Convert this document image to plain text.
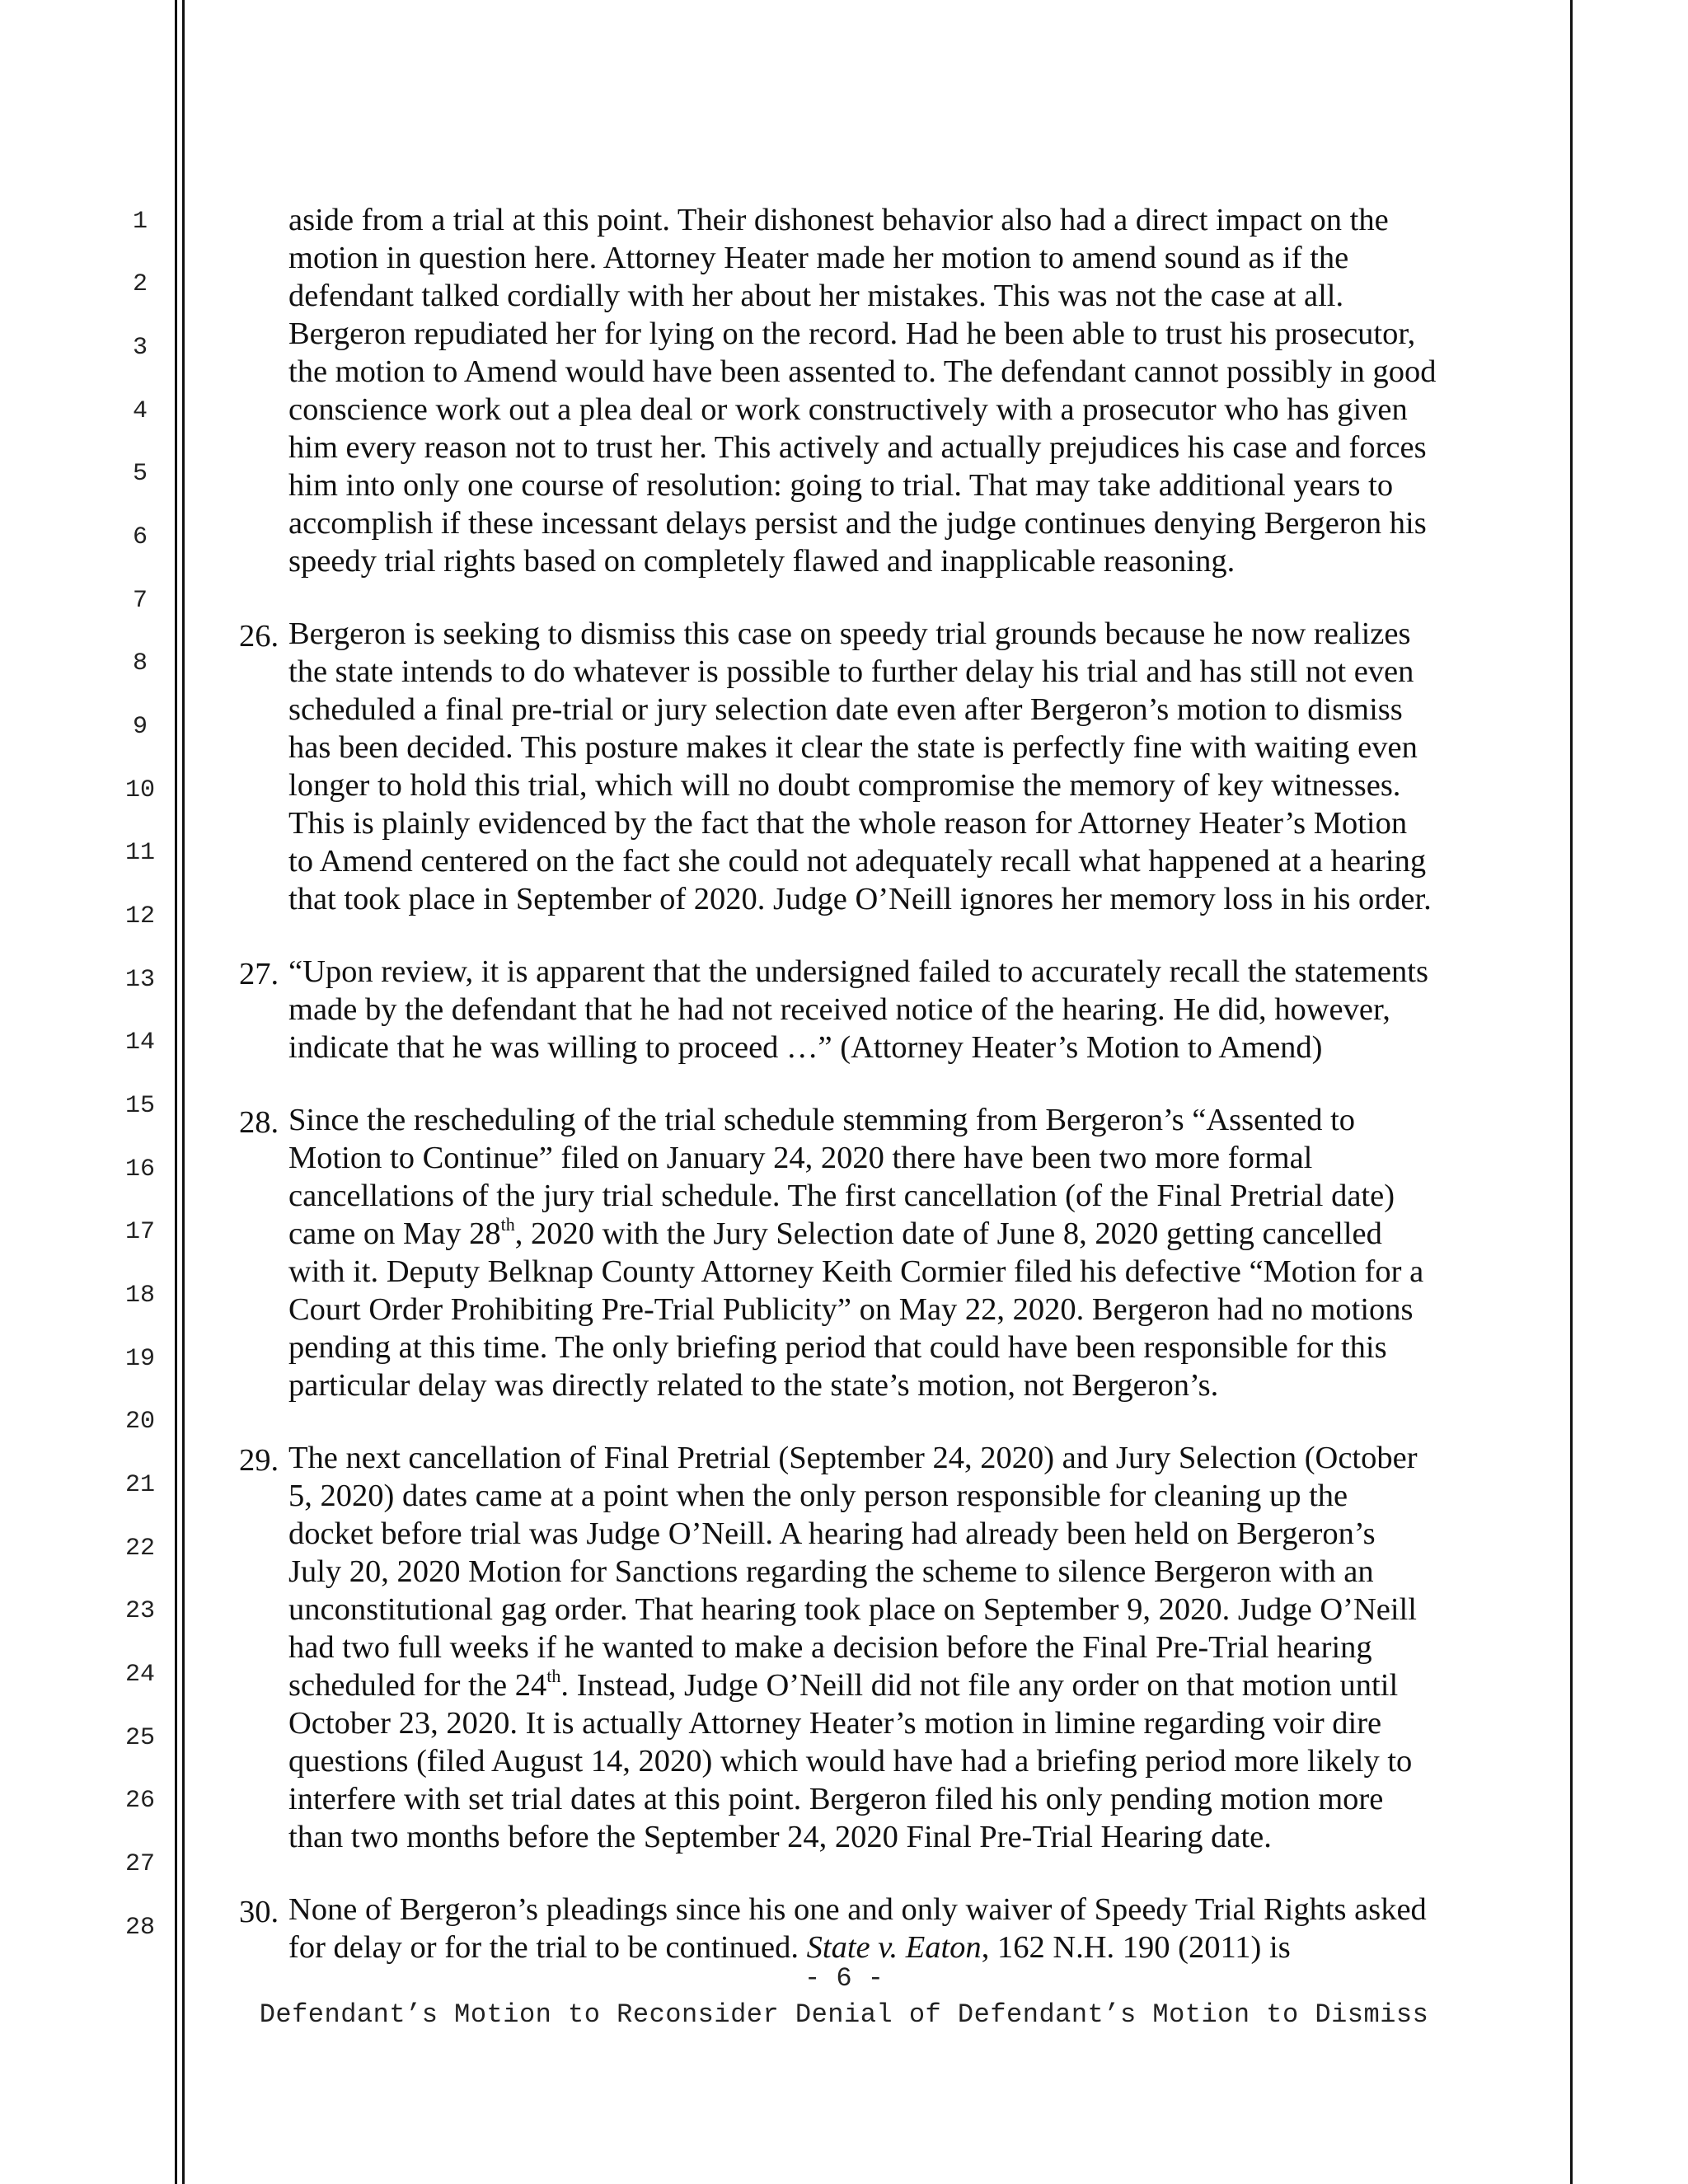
1
2
3
4
5
6
7
8
9
10
11
12
13
14
15
16
17
18
19
20
21
22
23
24
25
26
27
28
aside from a trial at this point. Their dishonest behavior also had a direct impact on the
motion in question here. Attorney Heater made her motion to amend sound as if the
defendant talked cordially with her about her mistakes. This was not the case at all.
Bergeron repudiated her for lying on the record. Had he been able to trust his prosecutor,
the motion to Amend would have been assented to. The defendant cannot possibly in good
conscience work out a plea deal or work constructively with a prosecutor who has given
him every reason not to trust her. This actively and actually prejudices his case and forces
him into only one course of resolution: going to trial. That may take additional years to
accomplish if these incessant delays persist and the judge continues denying Bergeron his
speedy trial rights based on completely flawed and inapplicable reasoning.
26. Bergeron is seeking to dismiss this case on speedy trial grounds because he now realizes
the state intends to do whatever is possible to further delay his trial and has still not even
scheduled a final pre-trial or jury selection date even after Bergeron’s motion to dismiss
has been decided. This posture makes it clear the state is perfectly fine with waiting even
longer to hold this trial, which will no doubt compromise the memory of key witnesses.
This is plainly evidenced by the fact that the whole reason for Attorney Heater’s Motion
to Amend centered on the fact she could not adequately recall what happened at a hearing
that took place in September of 2020. Judge O’Neill ignores her memory loss in his order.
27. “Upon review, it is apparent that the undersigned failed to accurately recall the statements
made by the defendant that he had not received notice of the hearing. He did, however,
indicate that he was willing to proceed …” (Attorney Heater’s Motion to Amend)
28. Since the rescheduling of the trial schedule stemming from Bergeron’s “Assented to
Motion to Continue” filed on January 24, 2020 there have been two more formal
cancellations of the jury trial schedule. The first cancellation (of the Final Pretrial date)
came on May 28th, 2020 with the Jury Selection date of June 8, 2020 getting cancelled
with it. Deputy Belknap County Attorney Keith Cormier filed his defective “Motion for a
Court Order Prohibiting Pre-Trial Publicity” on May 22, 2020. Bergeron had no motions
pending at this time. The only briefing period that could have been responsible for this
particular delay was directly related to the state’s motion, not Bergeron’s.
29. The next cancellation of Final Pretrial (September 24, 2020) and Jury Selection (October
5, 2020) dates came at a point when the only person responsible for cleaning up the
docket before trial was Judge O’Neill. A hearing had already been held on Bergeron’s
July 20, 2020 Motion for Sanctions regarding the scheme to silence Bergeron with an
unconstitutional gag order. That hearing took place on September 9, 2020. Judge O’Neill
had two full weeks if he wanted to make a decision before the Final Pre-Trial hearing
scheduled for the 24th. Instead, Judge O’Neill did not file any order on that motion until
October 23, 2020. It is actually Attorney Heater’s motion in limine regarding voir dire
questions (filed August 14, 2020) which would have had a briefing period more likely to
interfere with set trial dates at this point. Bergeron filed his only pending motion more
than two months before the September 24, 2020 Final Pre-Trial Hearing date.
30. None of Bergeron’s pleadings since his one and only waiver of Speedy Trial Rights asked
for delay or for the trial to be continued. State v. Eaton, 162 N.H. 190 (2011) is
- 6 -
Defendant’s Motion to Reconsider Denial of Defendant’s Motion to Dismiss
